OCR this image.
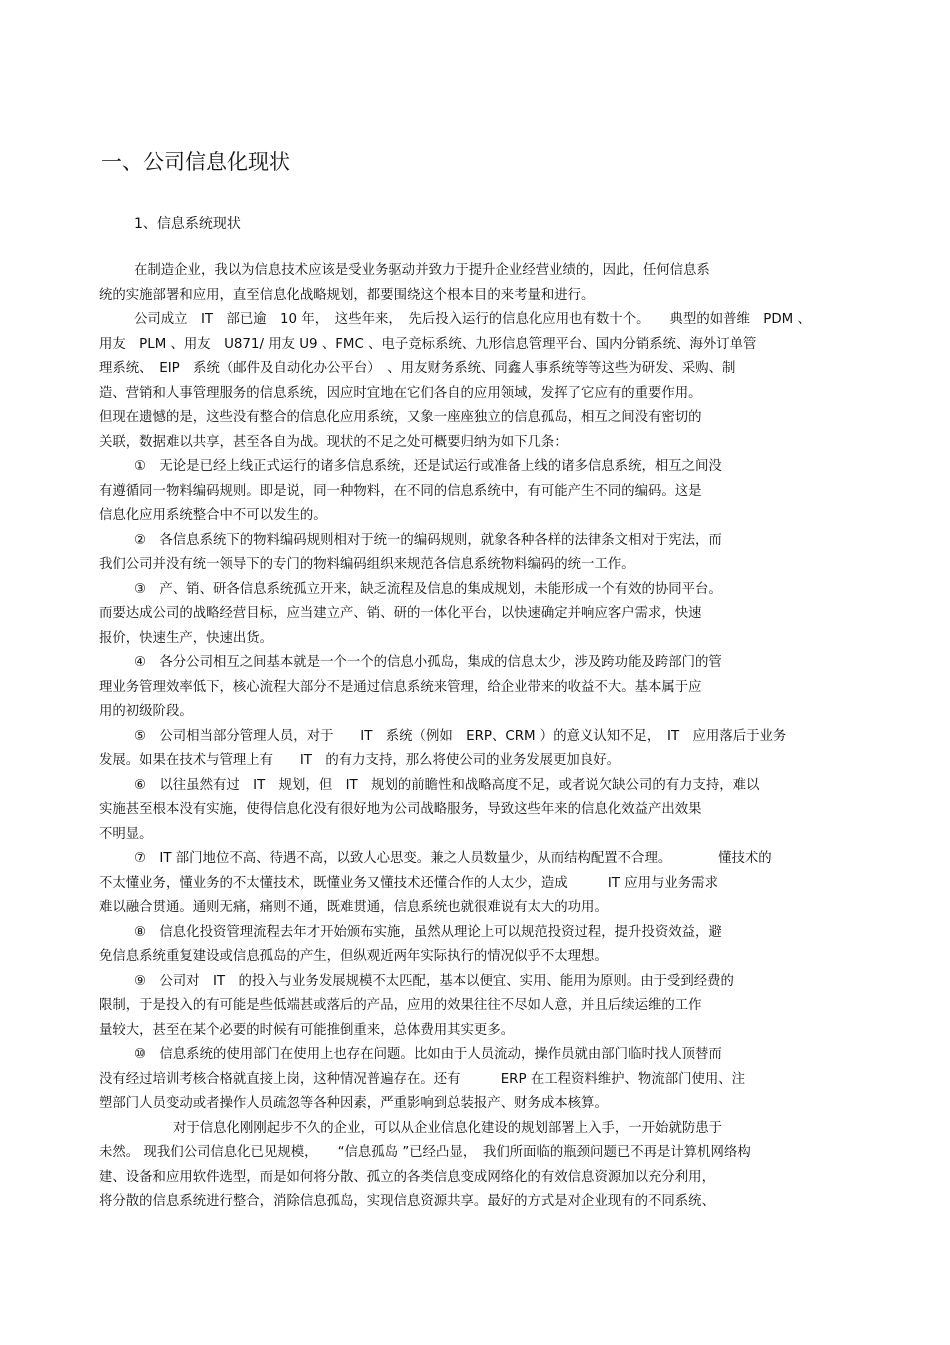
一、公司信息化现状
1、信息系统现状
在制造企业，我以为信息技术应该是受业务驱动并致力于提升企业经营业绩的，因此，任何信息系
统的实施部署和应用，直至信息化战略规划，都要围绕这个根本目的来考量和进行。
公司成立　IT　部已逾　10 年，　这些年来，　先后投入运行的信息化应用也有数十个。　　典型的如普维　PDM 、
用友　PLM 、用友　U871/ 用友 U9 、FMC 、电子竞标系统、九形信息管理平台、国内分销系统、海外订单管
理系统、　EIP　系统（邮件及自动化办公平台）　、用友财务系统、同鑫人事系统等等这些为研发、采购、制
造、营销和人事管理服务的信息系统，因应时宜地在它们各自的应用领域，发挥了它应有的重要作用。
但现在遗憾的是，这些没有整合的信息化应用系统，又象一座座独立的信息孤岛，相互之间没有密切的
关联，数据难以共享，甚至各自为战。现状的不足之处可概要归纳为如下几条：
①　无论是已经上线正式运行的诸多信息系统，还是试运行或准备上线的诸多信息系统，相互之间没
有遵循同一物料编码规则。即是说，同一种物料，在不同的信息系统中，有可能产生不同的编码。这是
信息化应用系统整合中不可以发生的。
②　各信息系统下的物料编码规则相对于统一的编码规则，就象各种各样的法律条文相对于宪法，而
我们公司并没有统一领导下的专门的物料编码组织来规范各信息系统物料编码的统一工作。
③　产、销、研各信息系统孤立开来，缺乏流程及信息的集成规划，未能形成一个有效的协同平台。
而要达成公司的战略经营目标，应当建立产、销、研的一体化平台，以快速确定并响应客户需求，快速
报价，快速生产，快速出货。
④　各分公司相互之间基本就是一个一个的信息小孤岛，集成的信息太少，涉及跨功能及跨部门的管
理业务管理效率低下，核心流程大部分不是通过信息系统来管理，给企业带来的收益不大。基本属于应
用的初级阶段。
⑤　公司相当部分管理人员，对于　　IT　系统（例如　ERP、CRM ）的意义认知不足，　IT　应用落后于业务
发展。如果在技术与管理上有　　IT　的有力支持，那么将使公司的业务发展更加良好。
⑥　以往虽然有过　IT　规划，但　IT　规划的前瞻性和战略高度不足，或者说欠缺公司的有力支持，难以
实施甚至根本没有实施，使得信息化没有很好地为公司战略服务，导致这些年来的信息化效益产出效果
不明显。
⑦　IT 部门地位不高、待遇不高，以致人心思变。兼之人员数量少，从而结构配置不合理。　　　　懂技术的
不太懂业务，懂业务的不太懂技术，既懂业务又懂技术还懂合作的人太少，造成　　　IT 应用与业务需求
难以融合贯通。通则无痛，痛则不通，既难贯通，信息系统也就很难说有太大的功用。
⑧　信息化投资管理流程去年才开始颁布实施，虽然从理论上可以规范投资过程，提升投资效益，避
免信息系统重复建设或信息孤岛的产生，但纵观近两年实际执行的情况似乎不太理想。
⑨　公司对　IT　的投入与业务发展规模不太匹配，基本以便宜、实用、能用为原则。由于受到经费的
限制，于是投入的有可能是些低端甚或落后的产品，应用的效果往往不尽如人意，并且后续运维的工作
量较大，甚至在某个必要的时候有可能推倒重来，总体费用其实更多。
⑩　信息系统的使用部门在使用上也存在问题。比如由于人员流动，操作员就由部门临时找人顶替而
没有经过培训考核合格就直接上岗，这种情况普遍存在。还有　　　ERP 在工程资料维护、物流部门使用、注
塑部门人员变动或者操作人员疏忽等各种因素，严重影响到总装报产、财务成本核算。
对于信息化刚刚起步不久的企业，可以从企业信息化建设的规划部署上入手，一开始就防患于
未然。 现我们公司信息化已见规模，　　“信息孤岛 ”已经凸显，　我们所面临的瓶颈问题已不再是计算机网络构
建、设备和应用软件选型，而是如何将分散、孤立的各类信息变成网络化的有效信息资源加以充分利用，
将分散的信息系统进行整合，消除信息孤岛，实现信息资源共享。最好的方式是对企业现有的不同系统、
